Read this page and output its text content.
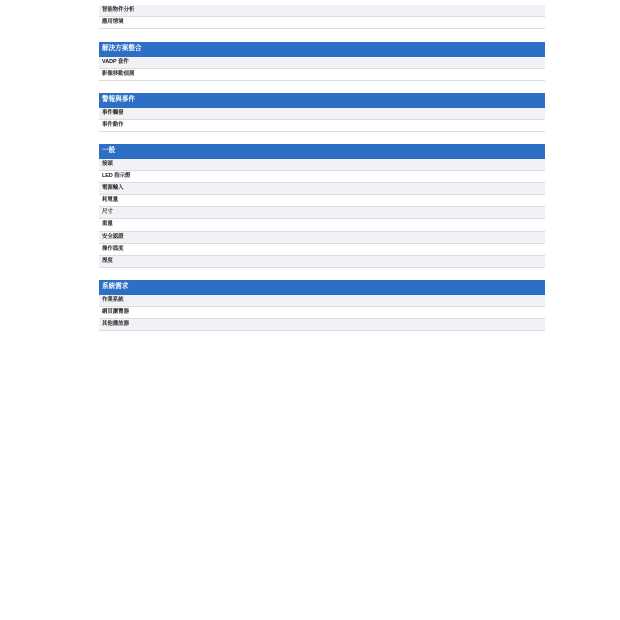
智能物件分析
應用情境
解決方案整合
VADP 套件
影像移動偵測
警報與事件
事件觸發
事件動作
一般
接頭
LED 指示燈
電源輸入
耗電量
尺寸
重量
安全認證
操作溫度
溼度
系統需求
作業系統
網頁瀏覽器
其他播放器
